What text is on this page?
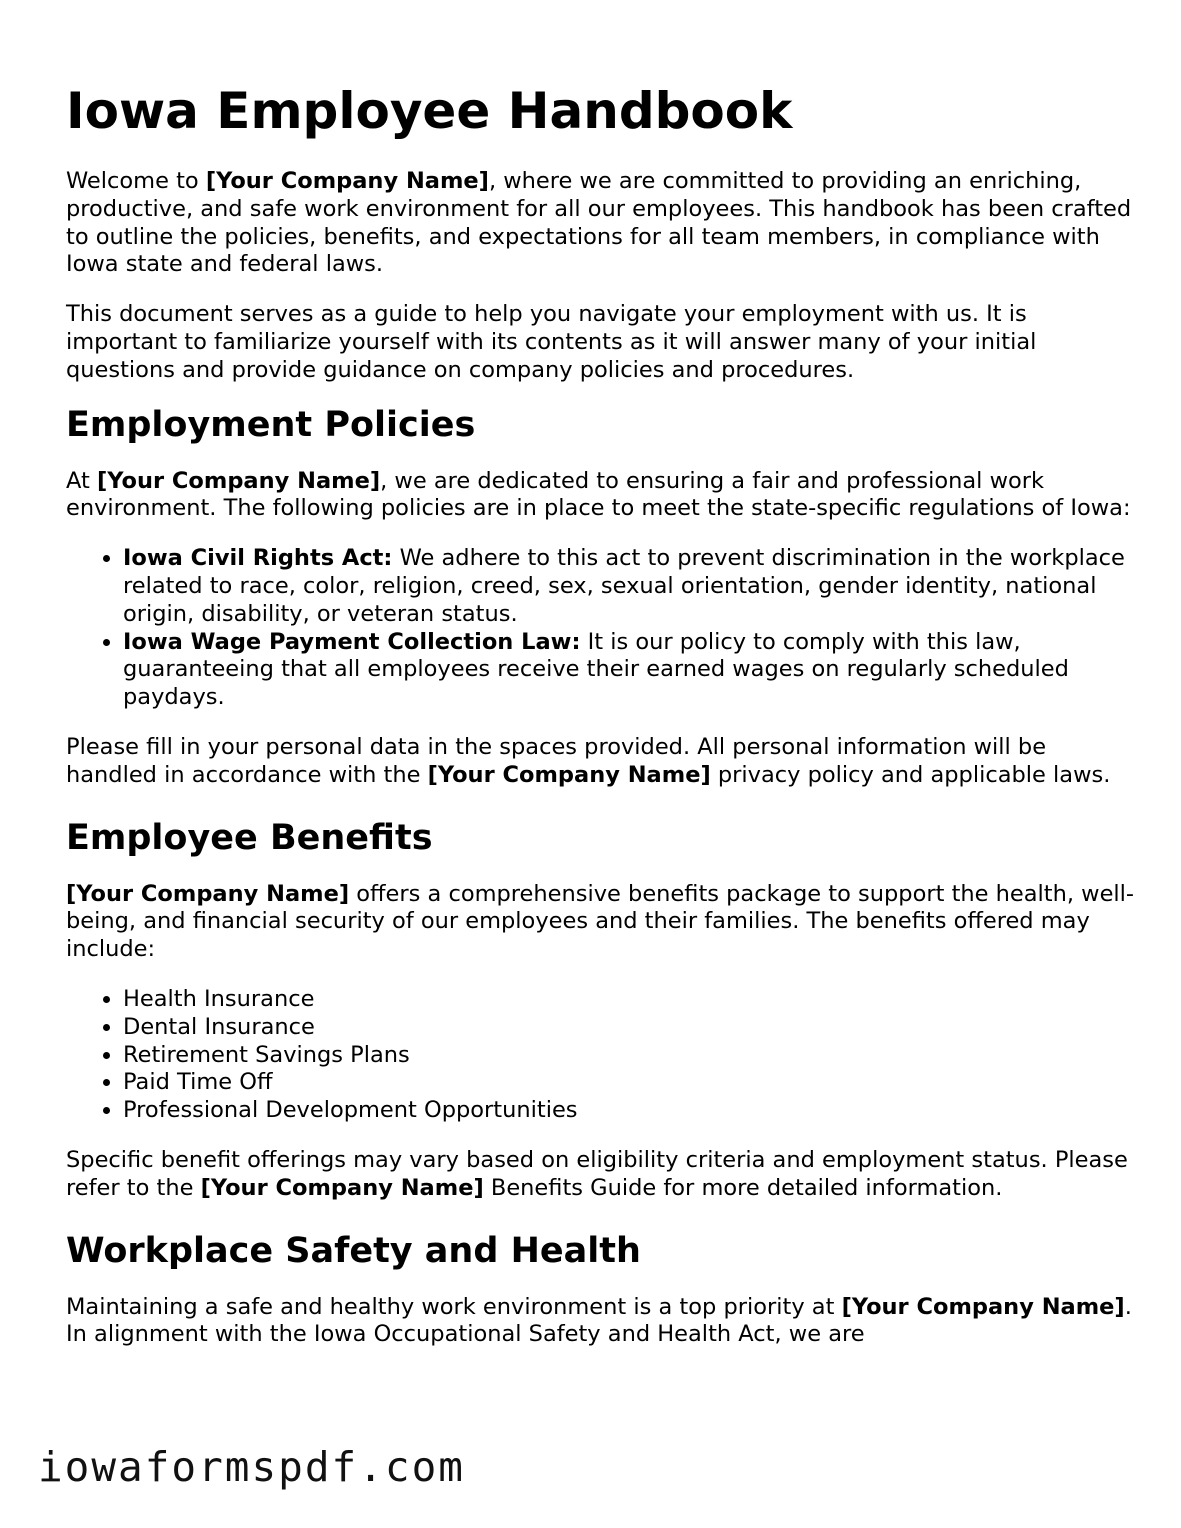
Iowa Employee Handbook

Welcome to [Your Company Name], where we are committed to providing an enriching, productive, and safe work environment for all our employees. This handbook has been crafted to outline the policies, benefits, and expectations for all team members, in compliance with Iowa state and federal laws.

This document serves as a guide to help you navigate your employment with us. It is important to familiarize yourself with its contents as it will answer many of your initial questions and provide guidance on company policies and procedures.

Employment Policies

At [Your Company Name], we are dedicated to ensuring a fair and professional work environment. The following policies are in place to meet the state-specific regulations of Iowa:

• Iowa Civil Rights Act: We adhere to this act to prevent discrimination in the workplace related to race, color, religion, creed, sex, sexual orientation, gender identity, national origin, disability, or veteran status.
• Iowa Wage Payment Collection Law: It is our policy to comply with this law, guaranteeing that all employees receive their earned wages on regularly scheduled paydays.

Please fill in your personal data in the spaces provided. All personal information will be handled in accordance with the [Your Company Name] privacy policy and applicable laws.

Employee Benefits

[Your Company Name] offers a comprehensive benefits package to support the health, well-being, and financial security of our employees and their families. The benefits offered may include:

• Health Insurance
• Dental Insurance
• Retirement Savings Plans
• Paid Time Off
• Professional Development Opportunities

Specific benefit offerings may vary based on eligibility criteria and employment status. Please refer to the [Your Company Name] Benefits Guide for more detailed information.

Workplace Safety and Health

Maintaining a safe and healthy work environment is a top priority at [Your Company Name]. In alignment with the Iowa Occupational Safety and Health Act, we are

iowaformspdf.com
